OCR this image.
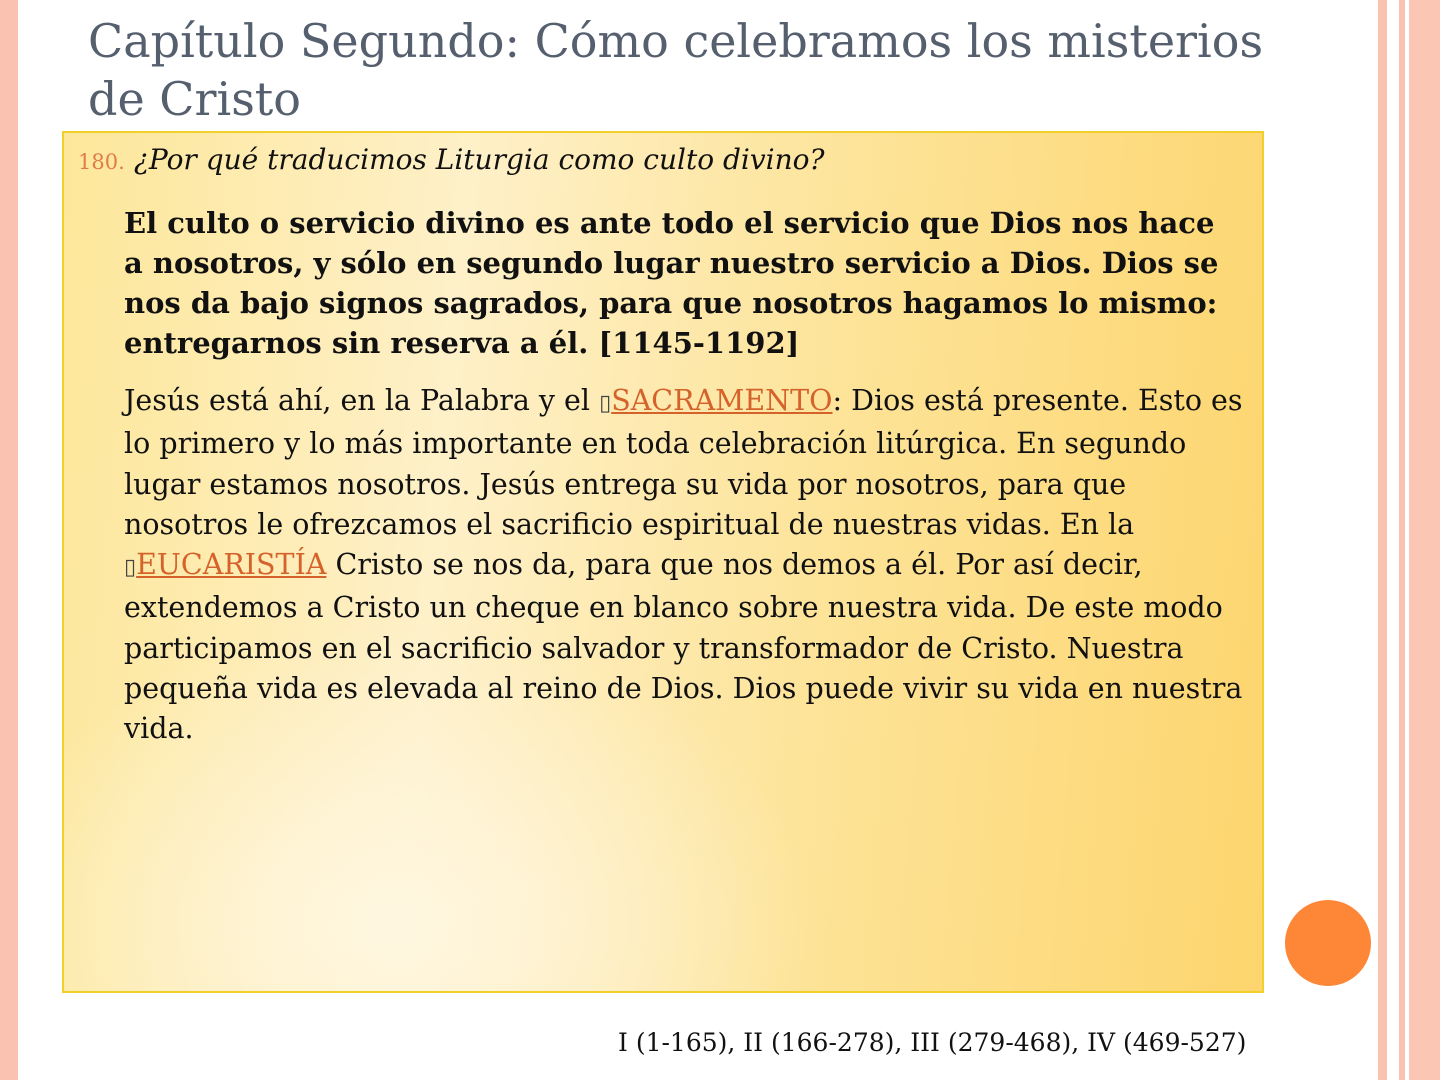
Capítulo Segundo: Cómo celebramos los misterios de Cristo
180. ¿Por qué traducimos Liturgia como culto divino?

El culto o servicio divino es ante todo el servicio que Dios nos hace a nosotros, y sólo en segundo lugar nuestro servicio a Dios. Dios se nos da bajo signos sagrados, para que nosotros hagamos lo mismo: entregarnos sin reserva a él. [1145-1192]

Jesús está ahí, en la Palabra y el ▯SACRAMENTO: Dios está presente. Esto es lo primero y lo más importante en toda celebración litúrgica. En segundo lugar estamos nosotros. Jesús entrega su vida por nosotros, para que nosotros le ofrezcamos el sacrificio espiritual de nuestras vidas. En la ▯EUCARISTÍA Cristo se nos da, para que nos demos a él. Por así decir, extendemos a Cristo un cheque en blanco sobre nuestra vida. De este modo participamos en el sacrificio salvador y transformador de Cristo. Nuestra pequeña vida es elevada al reino de Dios. Dios puede vivir su vida en nuestra vida.

I (1-165), II (166-278), III (279-468), IV (469-527)
